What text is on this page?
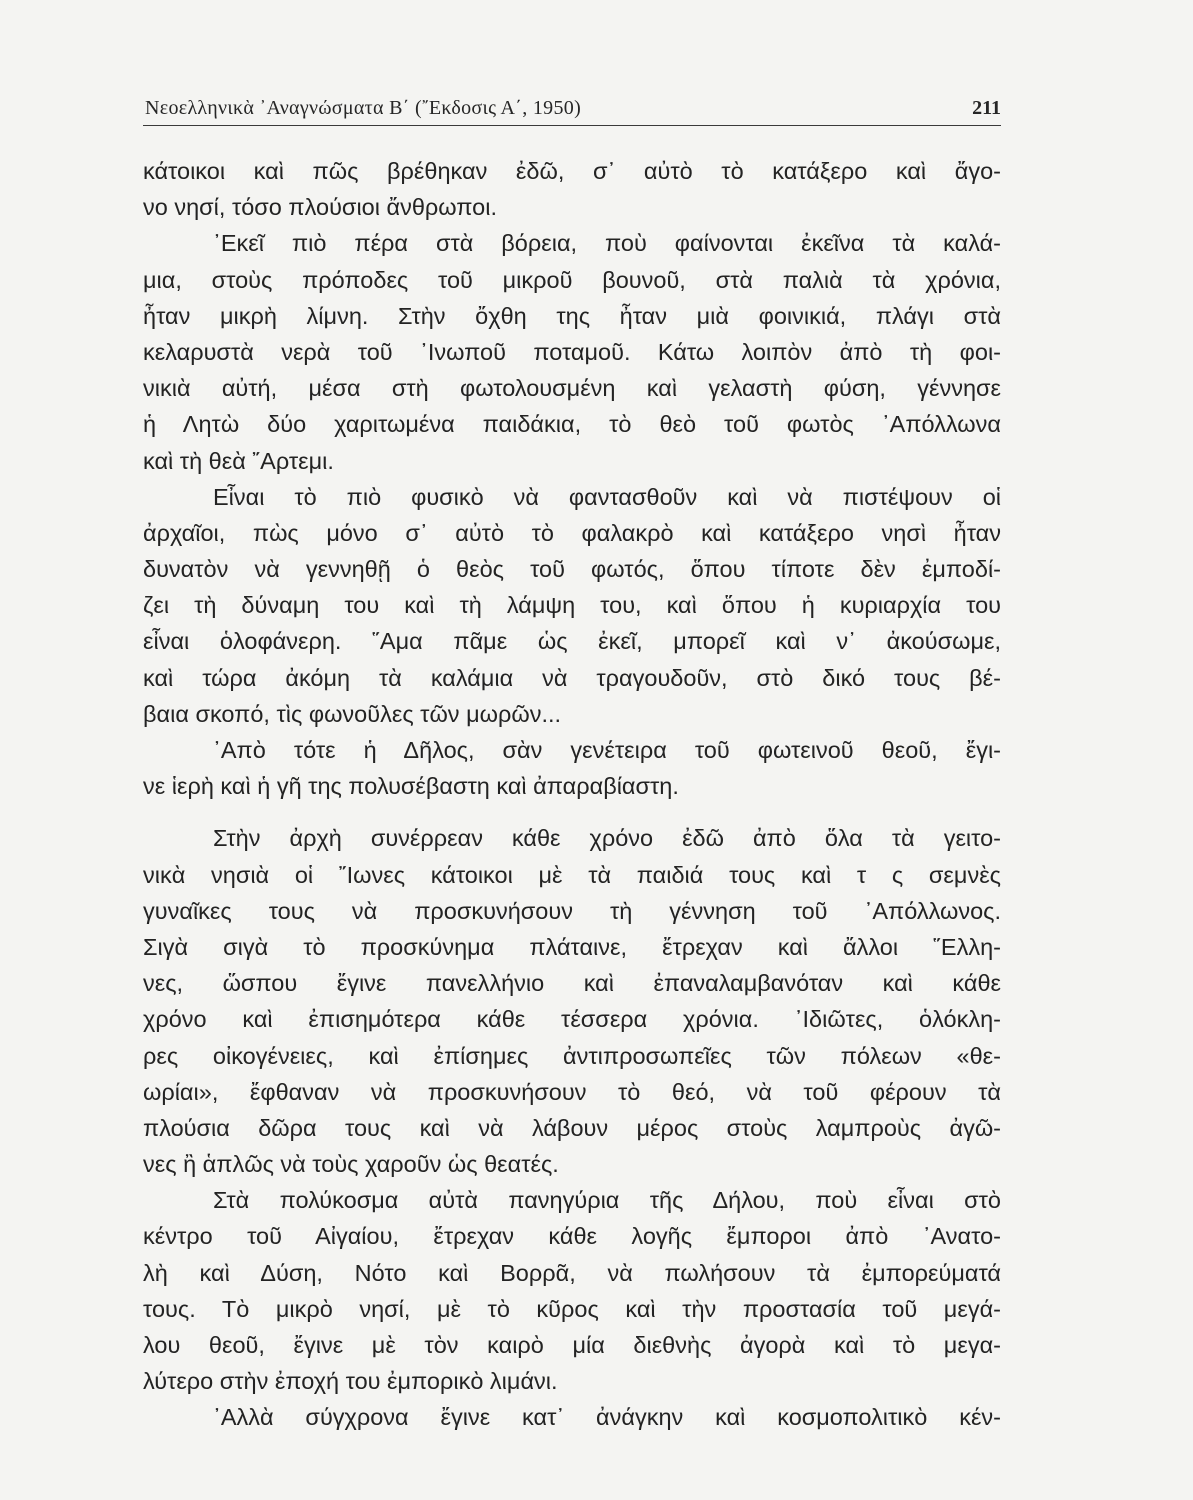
Νεοελληνικὰ ᾿Αναγνώσματα Β΄ (῎Εκδοσις Α΄, 1950)	211
κάτοικοι καὶ πῶς βρέθηκαν ἐδῶ, σ᾿ αὐτὸ τὸ κατάξερο καὶ ἄγο-
νο νησί, τόσο πλούσιοι ἄνθρωποι.
᾿Εκεῖ πιὸ πέρα στὰ βόρεια, ποὺ φαίνονται ἐκεῖνα τὰ καλά-
μια, στοὺς πρόποδες τοῦ μικροῦ βουνοῦ, στὰ παλιὰ τὰ χρόνια,
ἦταν μικρὴ λίμνη. Στὴν ὄχθη της ἦταν μιὰ φοινικιά, πλάγι στὰ
κελαρυστὰ νερὰ τοῦ ᾿Ινωποῦ ποταμοῦ. Κάτω λοιπὸν ἀπὸ τὴ φοι-
νικιὰ αὐτή, μέσα στὴ φωτολουσμένη καὶ γελαστὴ φύση, γέννησε
ἡ Λητὼ δύο χαριτωμένα παιδάκια, τὸ θεὸ τοῦ φωτὸς ᾿Απόλλωνα
καὶ τὴ θεὰ ῎Αρτεμι.
Εἶναι τὸ πιὸ φυσικὸ νὰ φαντασθοῦν καὶ νὰ πιστέψουν οἱ
ἀρχαῖοι, πὼς μόνο σ᾿ αὐτὸ τὸ φαλακρὸ καὶ κατάξερο νησὶ ἦταν
δυνατὸν νὰ γεννηθῇ ὁ θεὸς τοῦ φωτός, ὅπου τίποτε δὲν ἐμποδί-
ζει τὴ δύναμη του καὶ τὴ λάμψη του, καὶ ὅπου ἡ κυριαρχία του
εἶναι ὁλοφάνερη. ῞Αμα πᾶμε ὡς ἐκεῖ, μπορεῖ καὶ ν᾿ ἀκούσωμε,
καὶ τώρα ἀκόμη τὰ καλάμια νὰ τραγουδοῦν, στὸ δικό τους βέ-
βαια σκοπό, τὶς φωνοῦλες τῶν μωρῶν...
᾿Απὸ τότε ἡ Δῆλος, σὰν γενέτειρα τοῦ φωτεινοῦ θεοῦ, ἔγι-
νε ἱερὴ καὶ ἡ γῆ της πολυσέβαστη καὶ ἀπαραβίαστη.
Στὴν ἀρχὴ συνέρρεαν κάθε χρόνο ἐδῶ ἀπὸ ὅλα τὰ γειτο-
νικὰ νησιὰ οἱ ῎Ιωνες κάτοικοι μὲ τὰ παιδιά τους καὶ τ ς σεμνὲς
γυναῖκες τους νὰ προσκυνήσουν τὴ γέννηση τοῦ ᾿Απόλλωνος.
Σιγὰ σιγὰ τὸ προσκύνημα πλάταινε, ἔτρεχαν καὶ ἄλλοι ῞Ελλη-
νες, ὥσπου ἔγινε πανελλήνιο καὶ ἐπαναλαμβανόταν καὶ κάθε
χρόνο καὶ ἐπισημότερα κάθε τέσσερα χρόνια. ᾿Ιδιῶτες, ὁλόκλη-
ρες οἰκογένειες, καὶ ἐπίσημες ἀντιπροσωπεῖες τῶν πόλεων «θε-
ωρίαι», ἔφθαναν νὰ προσκυνήσουν τὸ θεό, νὰ τοῦ φέρουν τὰ
πλούσια δῶρα τους καὶ νὰ λάβουν μέρος στοὺς λαμπροὺς ἀγῶ-
νες ἢ ἁπλῶς νὰ τοὺς χαροῦν ὡς θεατές.
Στὰ πολύκοσμα αὐτὰ πανηγύρια τῆς Δήλου, ποὺ εἶναι στὸ
κέντρο τοῦ Αἰγαίου, ἔτρεχαν κάθε λογῆς ἔμποροι ἀπὸ ᾿Ανατο-
λὴ καὶ Δύση, Νότο καὶ Βορρᾶ, νὰ πωλήσουν τὰ ἐμπορεύματά
τους. Τὸ μικρὸ νησί, μὲ τὸ κῦρος καὶ τὴν προστασία τοῦ μεγά-
λου θεοῦ, ἔγινε μὲ τὸν καιρὸ μία διεθνὴς ἀγορὰ καὶ τὸ μεγα-
λύτερο στὴν ἐποχή του ἐμπορικὸ λιμάνι.
᾿Αλλὰ σύγχρονα ἔγινε κατ᾿ ἀνάγκην καὶ κοσμοπολιτικὸ κέν-
